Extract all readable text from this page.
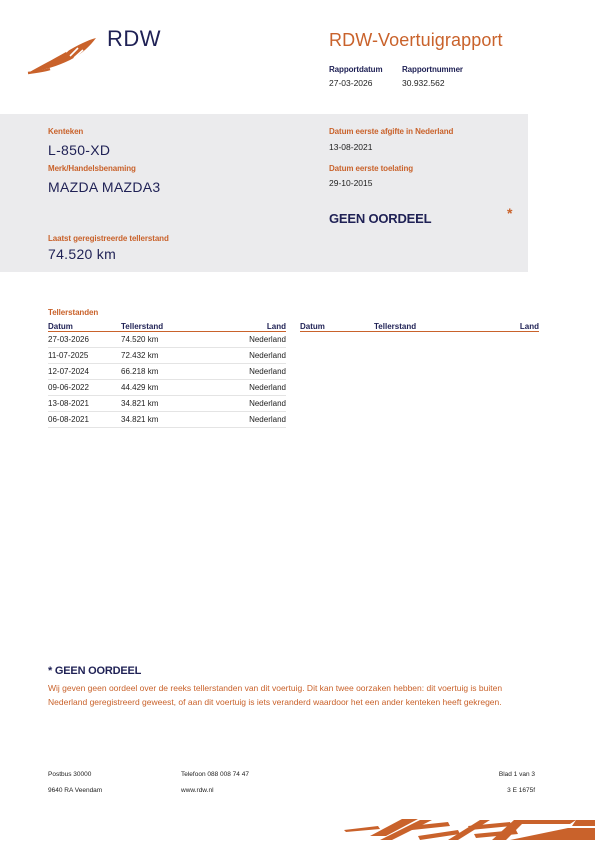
RDW	RDW-Voertuigrapport
Rapportdatum Rapportnummer
27-03-2026	30.932.562
Kenteken
L-850-XD
Merk/Handelsbenaming
MAZDA MAZDA3
Laatst geregistreerde tellerstand
74.520 km
Datum eerste afgifte in Nederland
13-08-2021
Datum eerste toelating
29-10-2015
GEEN OORDEEL	*
Tellerstanden
Datum	Tellerstand	Land
27-03-2026	74.520 km	Nederland
11-07-2025	72.432 km	Nederland
12-07-2024	66.218 km	Nederland
09-06-2022	44.429 km	Nederland
13-08-2021	34.821 km	Nederland
06-08-2021	34.821 km	Nederland
Datum	Tellerstand	Land
* GEEN OORDEEL
Wij geven geen oordeel over de reeks tellerstanden van dit voertuig. Dit kan twee oorzaken hebben: dit voertuig is buiten Nederland geregistreerd geweest, of aan dit voertuig is iets veranderd waardoor het een ander kenteken heeft gekregen.
Postbus 30000
9640 RA Veendam
Telefoon 088 008 74 47
www.rdw.nl
Blad 1 van 3
3 E 1675f
